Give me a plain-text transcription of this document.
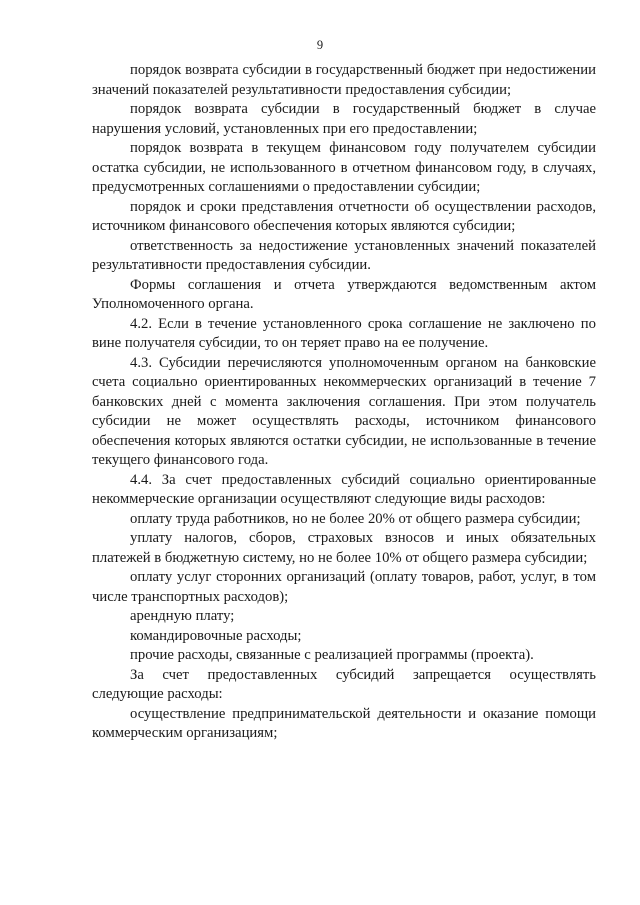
9

порядок возврата субсидии в государственный бюджет при недостижении значений показателей результативности предоставления субсидии;

порядок возврата субсидии в государственный бюджет в случае нарушения условий, установленных при его предоставлении;

порядок возврата в текущем финансовом году получателем субсидии остатка субсидии, не использованного в отчетном финансовом году, в случаях, предусмотренных соглашениями о предоставлении субсидии;

порядок и сроки представления отчетности об осуществлении расходов, источником финансового обеспечения которых являются субсидии;

ответственность за недостижение установленных значений показателей результативности предоставления субсидии.

Формы соглашения и отчета утверждаются ведомственным актом Уполномоченного органа.

4.2. Если в течение установленного срока соглашение не заключено по вине получателя субсидии, то он теряет право на ее получение.

4.3. Субсидии перечисляются уполномоченным органом на банковские счета социально ориентированных некоммерческих организаций в течение 7 банковских дней с момента заключения соглашения. При этом получатель субсидии не может осуществлять расходы, источником финансового обеспечения которых являются остатки субсидии, не использованные в течение текущего финансового года.

4.4. За счет предоставленных субсидий социально ориентированные некоммерческие организации осуществляют следующие виды расходов:

оплату труда работников, но не более 20% от общего размера субсидии;

уплату налогов, сборов, страховых взносов и иных обязательных платежей в бюджетную систему, но не более 10% от общего размера субсидии;

оплату услуг сторонних организаций (оплату товаров, работ, услуг, в том числе транспортных расходов);

арендную плату;

командировочные расходы;

прочие расходы, связанные с реализацией программы (проекта).

За счет предоставленных субсидий запрещается осуществлять следующие расходы:

осуществление предпринимательской деятельности и оказание помощи коммерческим организациям;
